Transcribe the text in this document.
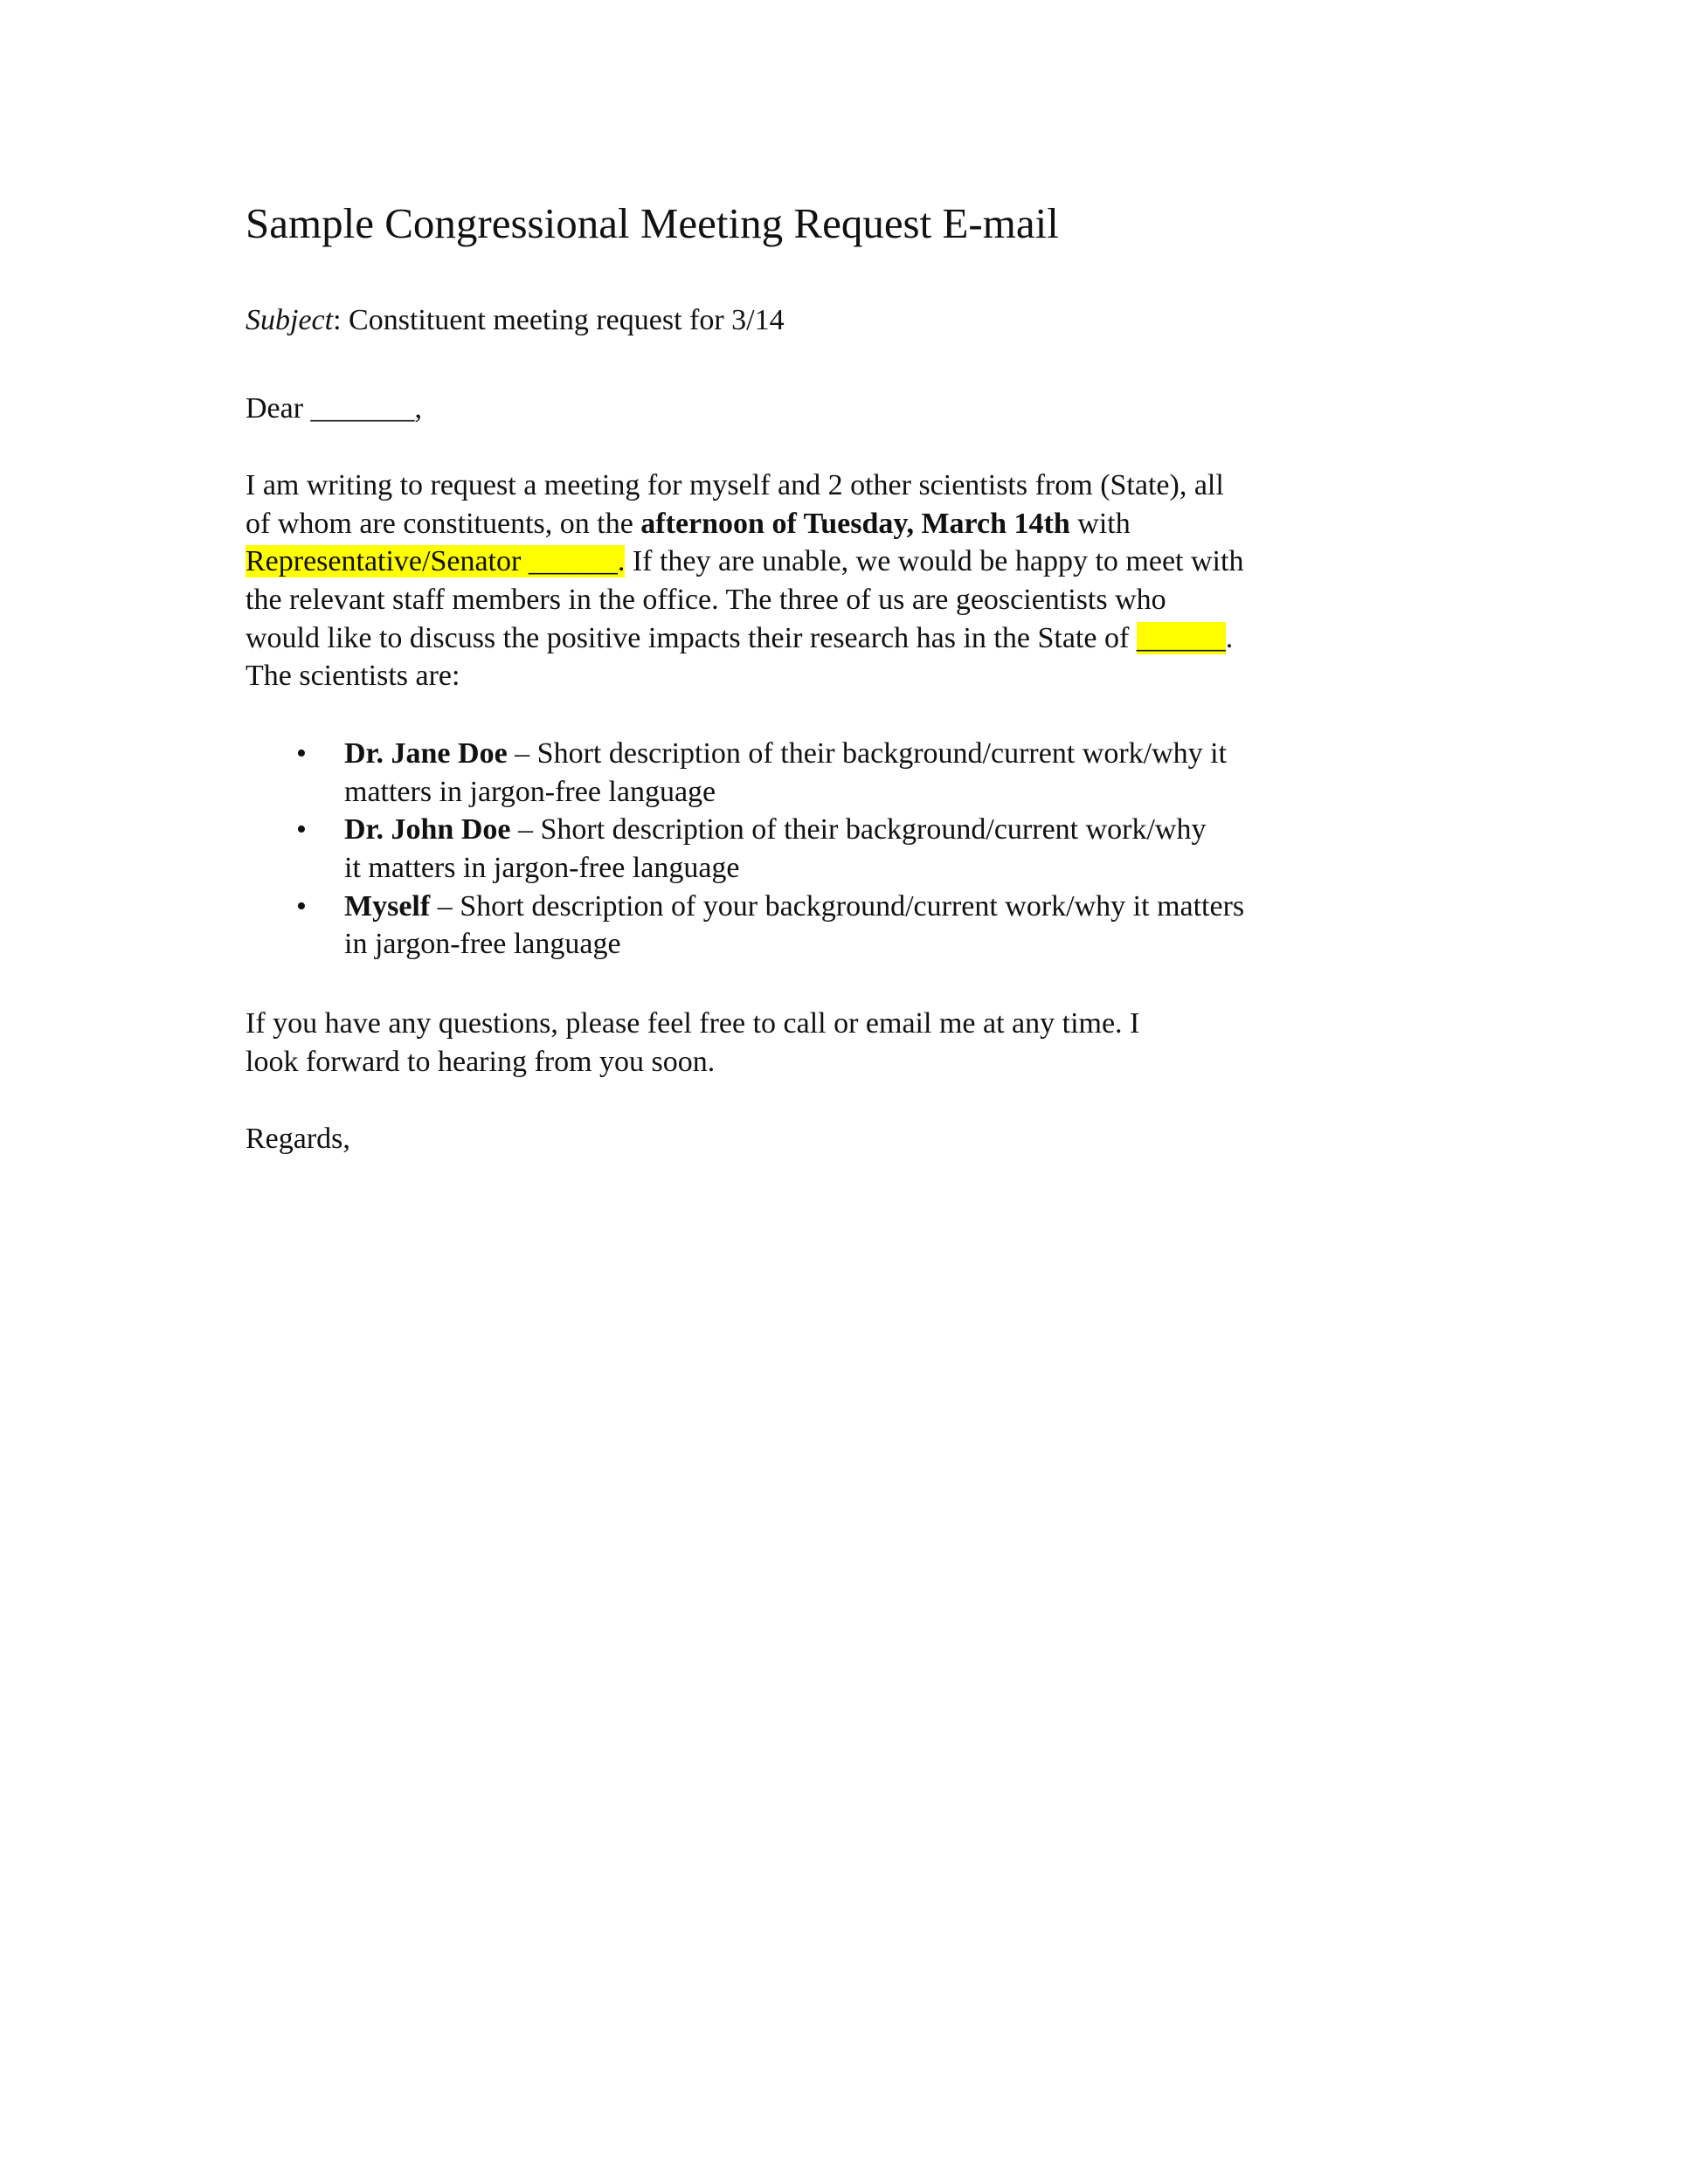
Sample Congressional Meeting Request E-mail
Subject: Constituent meeting request for 3/14
Dear _______,
I am writing to request a meeting for myself and 2 other scientists from (State), all
of whom are constituents, on the afternoon of Tuesday, March 14th with
Representative/Senator ______. If they are unable, we would be happy to meet with
the relevant staff members in the office. The three of us are geoscientists who
would like to discuss the positive impacts their research has in the State of ______.
The scientists are:
• Dr. Jane Doe – Short description of their background/current work/why it
matters in jargon-free language
• Dr. John Doe – Short description of their background/current work/why
it matters in jargon-free language
• Myself – Short description of your background/current work/why it matters
in jargon-free language
If you have any questions, please feel free to call or email me at any time. I
look forward to hearing from you soon.
Regards,
